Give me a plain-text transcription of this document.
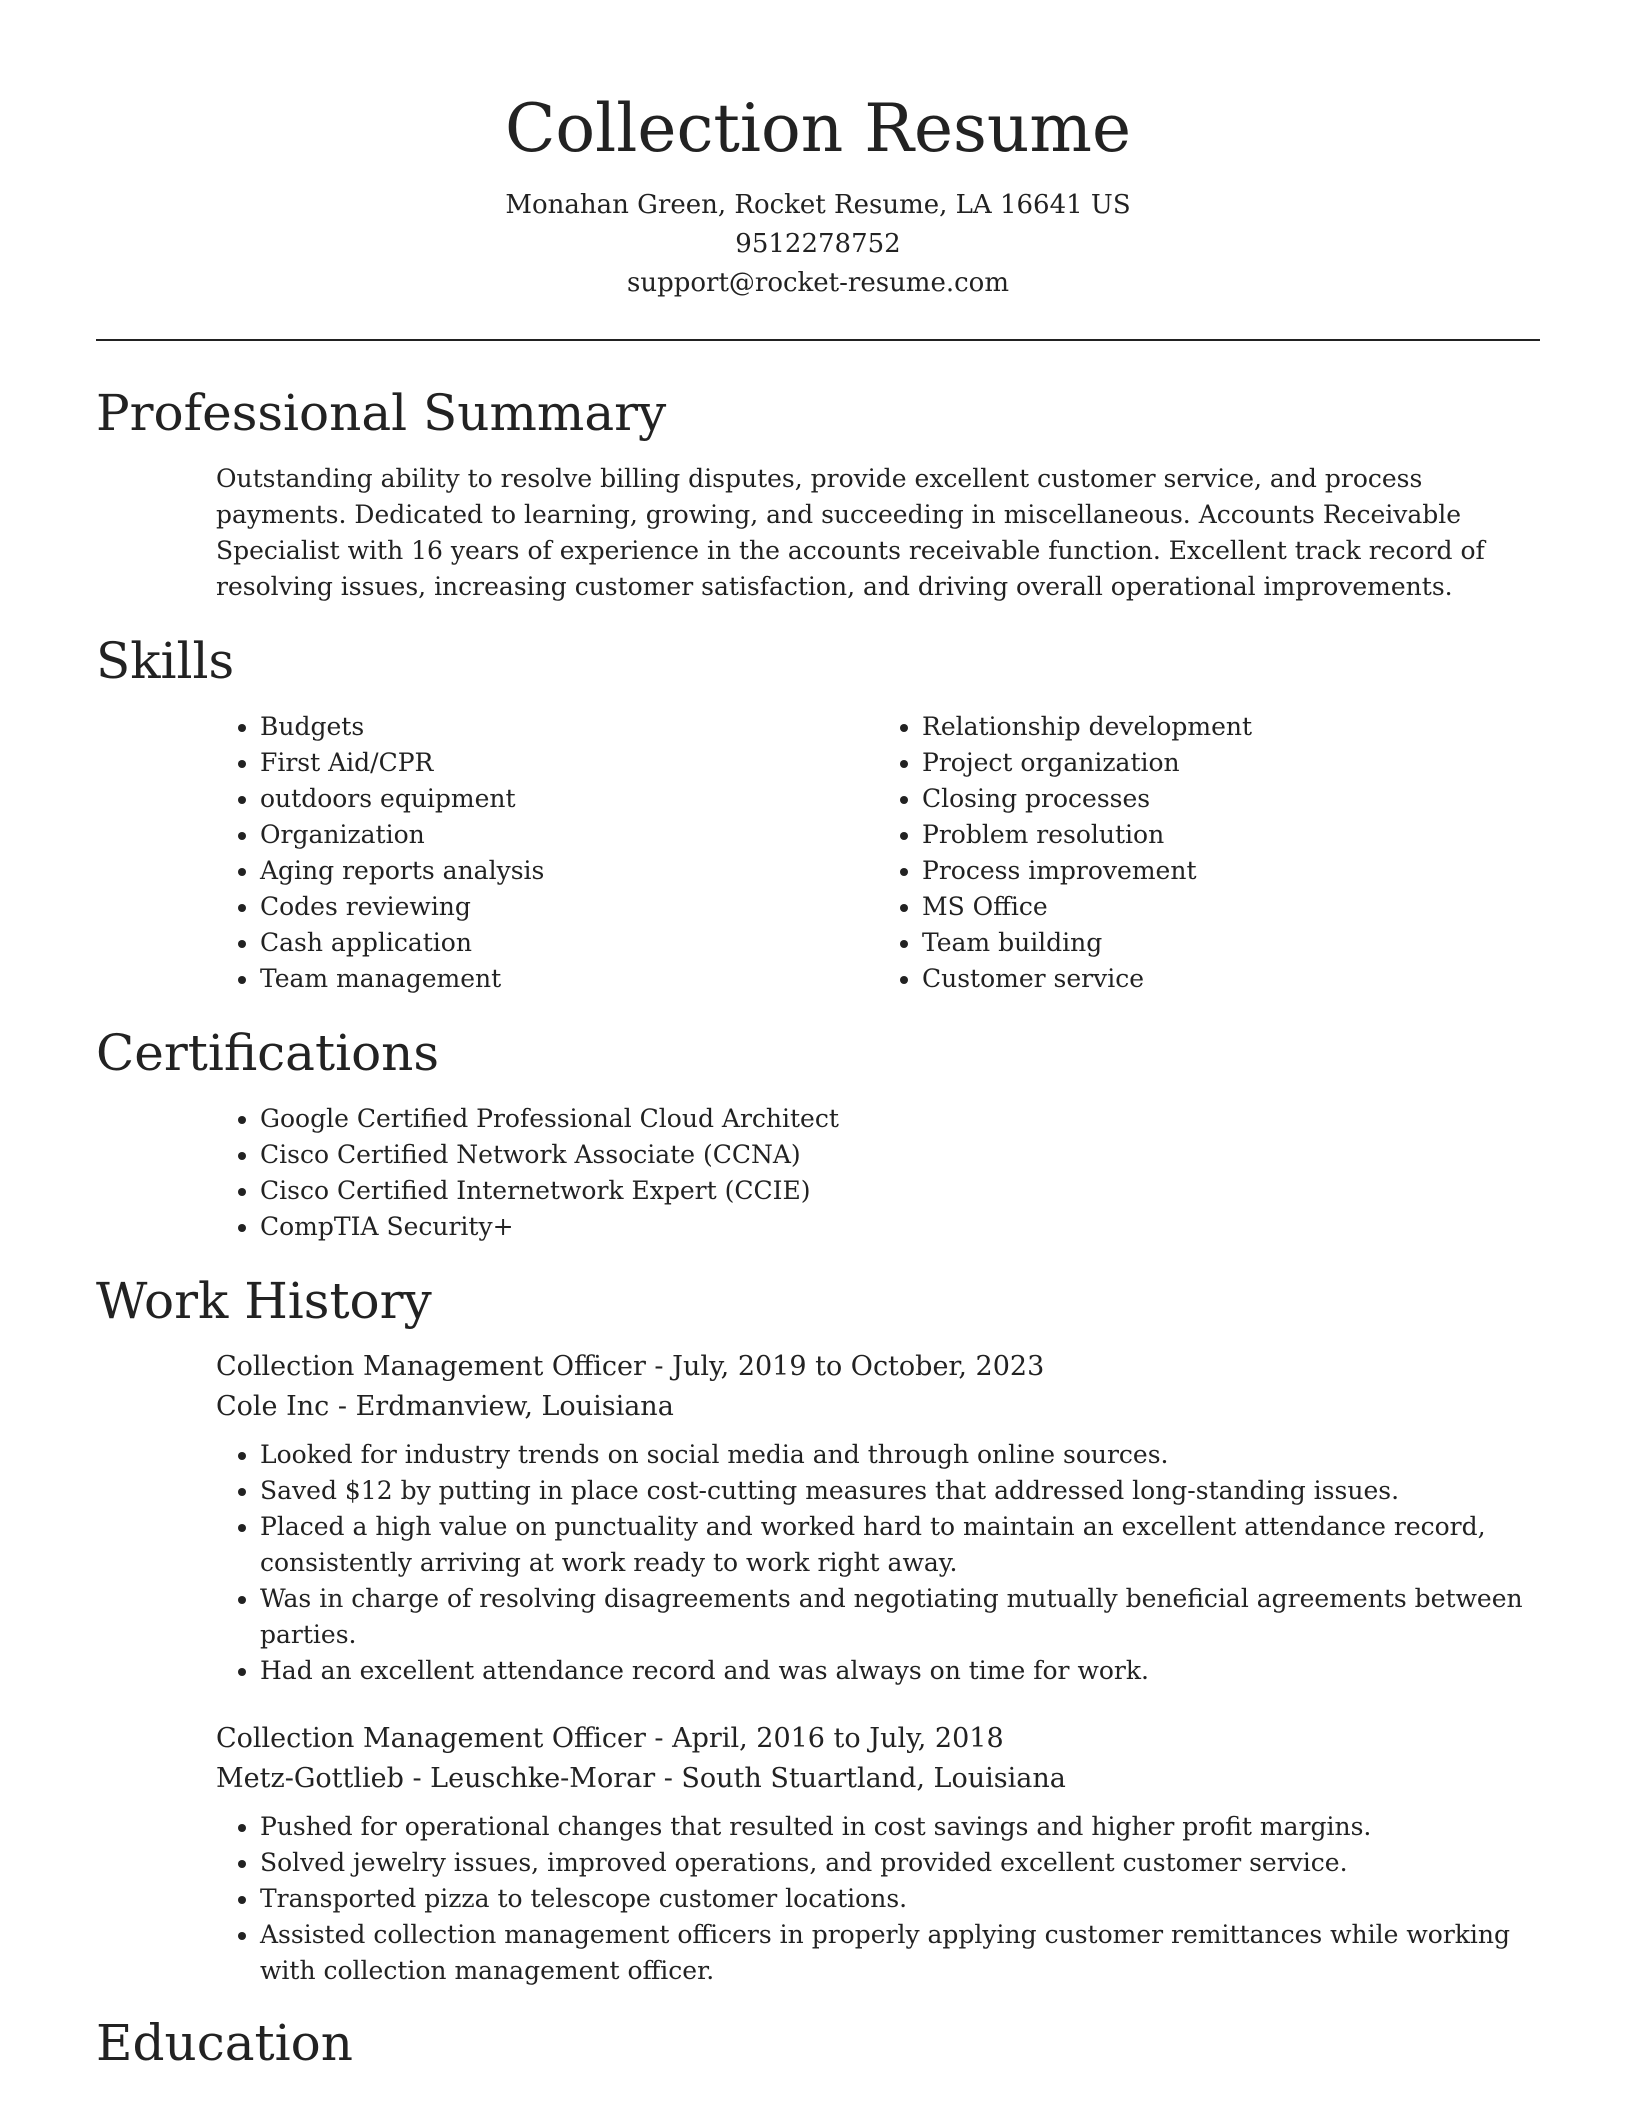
Collection Resume

Monahan Green, Rocket Resume, LA 16641 US

9512278752

support@rocket-resume.com

Professional Summary

Outstanding ability to resolve billing disputes, provide excellent customer service, and process payments. Dedicated to learning, growing, and succeeding in miscellaneous. Accounts Receivable Specialist with 16 years of experience in the accounts receivable function. Excellent track record of resolving issues, increasing customer satisfaction, and driving overall operational improvements.

Skills
• Budgets
• First Aid/CPR
• outdoors equipment
• Organization
• Aging reports analysis
• Codes reviewing
• Cash application
• Team management
• Relationship development
• Project organization
• Closing processes
• Problem resolution
• Process improvement
• MS Office
• Team building
• Customer service
Certifications
• Google Certified Professional Cloud Architect
• Cisco Certified Network Associate (CCNA)
• Cisco Certified Internetwork Expert (CCIE)
• CompTIA Security+
Work History

Collection Management Officer - July, 2019 to October, 2023

Cole Inc - Erdmanview, Louisiana

• Looked for industry trends on social media and through online sources.
• Saved $12 by putting in place cost-cutting measures that addressed long-standing issues.
• Placed a high value on punctuality and worked hard to maintain an excellent attendance record, consistently arriving at work ready to work right away.
• Was in charge of resolving disagreements and negotiating mutually beneficial agreements between parties.
• Had an excellent attendance record and was always on time for work.

Collection Management Officer - April, 2016 to July, 2018

Metz-Gottlieb - Leuschke-Morar - South Stuartland, Louisiana

• Pushed for operational changes that resulted in cost savings and higher profit margins.
• Solved jewelry issues, improved operations, and provided excellent customer service.
• Transported pizza to telescope customer locations.
• Assisted collection management officers in properly applying customer remittances while working with collection management officer.
Education
